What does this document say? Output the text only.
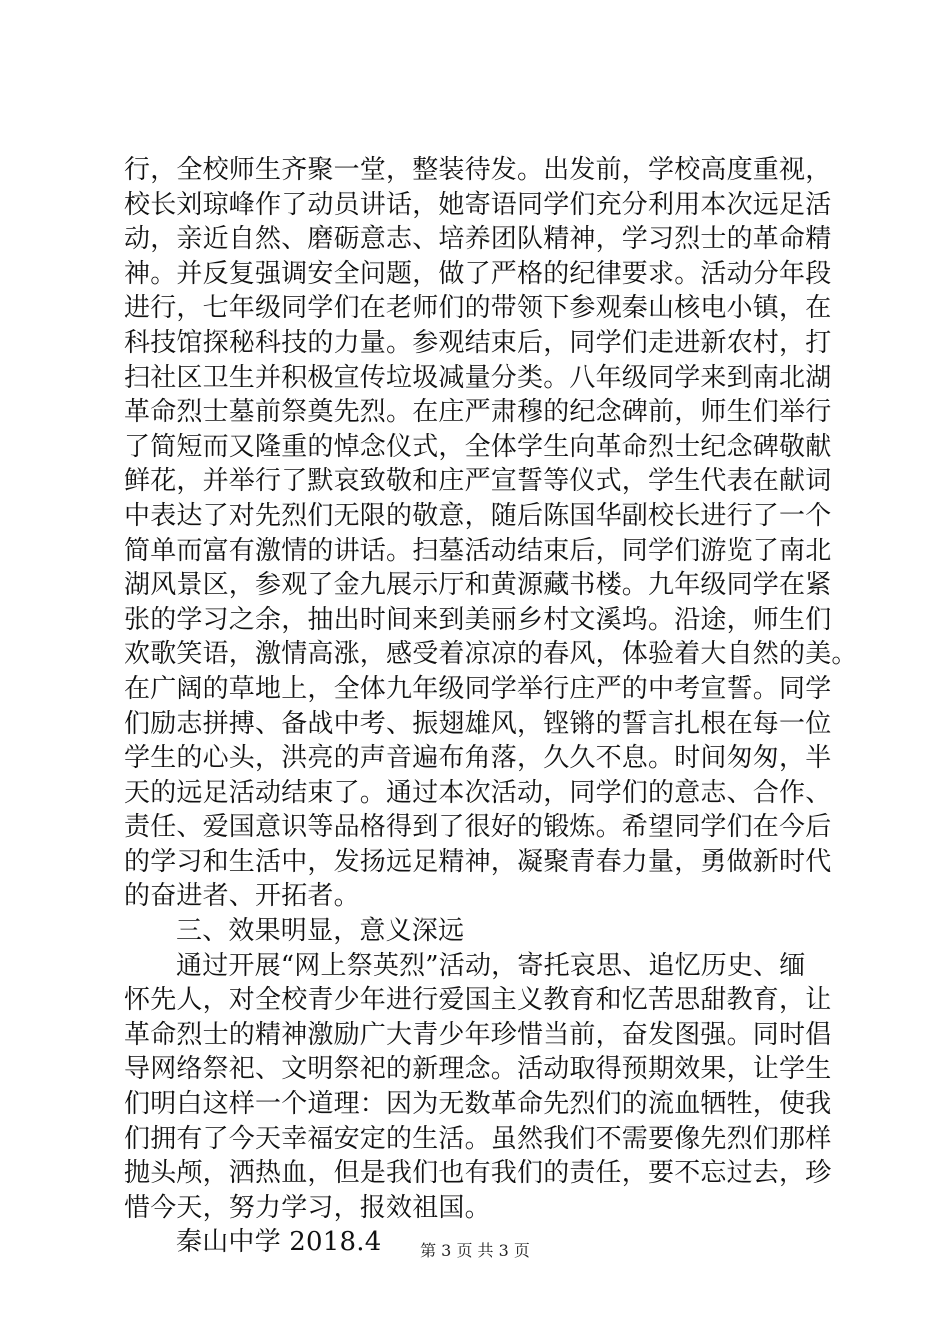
行，全校师生齐聚一堂，整装待发。出发前，学校高度重视，
校长刘琼峰作了动员讲话，她寄语同学们充分利用本次远足活
动，亲近自然、磨砺意志、培养团队精神，学习烈士的革命精
神。并反复强调安全问题，做了严格的纪律要求。活动分年段
进行，七年级同学们在老师们的带领下参观秦山核电小镇，在
科技馆探秘科技的力量。参观结束后，同学们走进新农村，打
扫社区卫生并积极宣传垃圾减量分类。八年级同学来到南北湖
革命烈士墓前祭奠先烈。在庄严肃穆的纪念碑前，师生们举行
了简短而又隆重的悼念仪式，全体学生向革命烈士纪念碑敬献
鲜花，并举行了默哀致敬和庄严宣誓等仪式，学生代表在献词
中表达了对先烈们无限的敬意，随后陈国华副校长进行了一个
简单而富有激情的讲话。扫墓活动结束后，同学们游览了南北
湖风景区，参观了金九展示厅和黄源藏书楼。九年级同学在紧
张的学习之余，抽出时间来到美丽乡村文溪坞。沿途，师生们
欢歌笑语，激情高涨，感受着凉凉的春风，体验着大自然的美。
在广阔的草地上，全体九年级同学举行庄严的中考宣誓。同学
们励志拼搏、备战中考、振翅雄风，铿锵的誓言扎根在每一位
学生的心头，洪亮的声音遍布角落，久久不息。时间匆匆，半
天的远足活动结束了。通过本次活动，同学们的意志、合作、
责任、爱国意识等品格得到了很好的锻炼。希望同学们在今后
的学习和生活中，发扬远足精神，凝聚青春力量，勇做新时代
的奋进者、开拓者。
三、效果明显，意义深远
通过开展“网上祭英烈”活动，寄托哀思、追忆历史、缅
怀先人，对全校青少年进行爱国主义教育和忆苦思甜教育，让
革命烈士的精神激励广大青少年珍惜当前，奋发图强。同时倡
导网络祭祀、文明祭祀的新理念。活动取得预期效果，让学生
们明白这样一个道理：因为无数革命先烈们的流血牺牲，使我
们拥有了今天幸福安定的生活。虽然我们不需要像先烈们那样
抛头颅，洒热血，但是我们也有我们的责任，要不忘过去，珍
惜今天，努力学习，报效祖国。
秦山中学 2018.4	第 3 页 共 3 页
